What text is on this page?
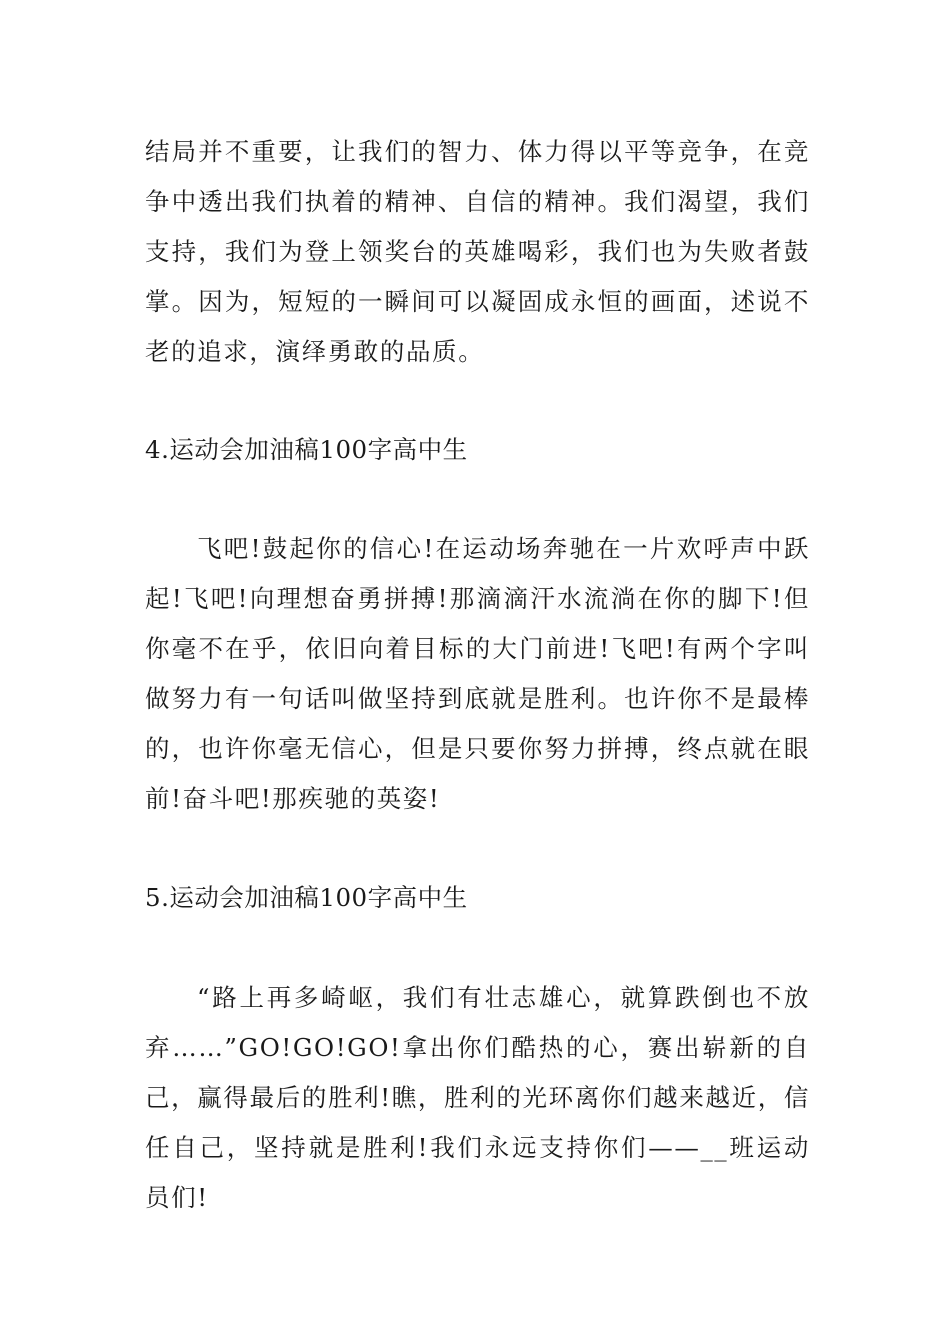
结局并不重要，让我们的智力、体力得以平等竞争，在竞争中透出我们执着的精神、自信的精神。我们渴望，我们支持，我们为登上领奖台的英雄喝彩，我们也为失败者鼓掌。因为，短短的一瞬间可以凝固成永恒的画面，述说不老的追求，演绎勇敢的品质。

4.运动会加油稿100字高中生

飞吧!鼓起你的信心!在运动场奔驰在一片欢呼声中跃起!飞吧!向理想奋勇拼搏!那滴滴汗水流淌在你的脚下!但你毫不在乎，依旧向着目标的大门前进!飞吧!有两个字叫做努力有一句话叫做坚持到底就是胜利。也许你不是最棒的，也许你毫无信心，但是只要你努力拼搏，终点就在眼前!奋斗吧!那疾驰的英姿!

5.运动会加油稿100字高中生

“路上再多崎岖，我们有壮志雄心，就算跌倒也不放弃……”GO!GO!GO!拿出你们酷热的心，赛出崭新的自己，赢得最后的胜利!瞧，胜利的光环离你们越来越近，信任自己，坚持就是胜利!我们永远支持你们——__班运动员们!
